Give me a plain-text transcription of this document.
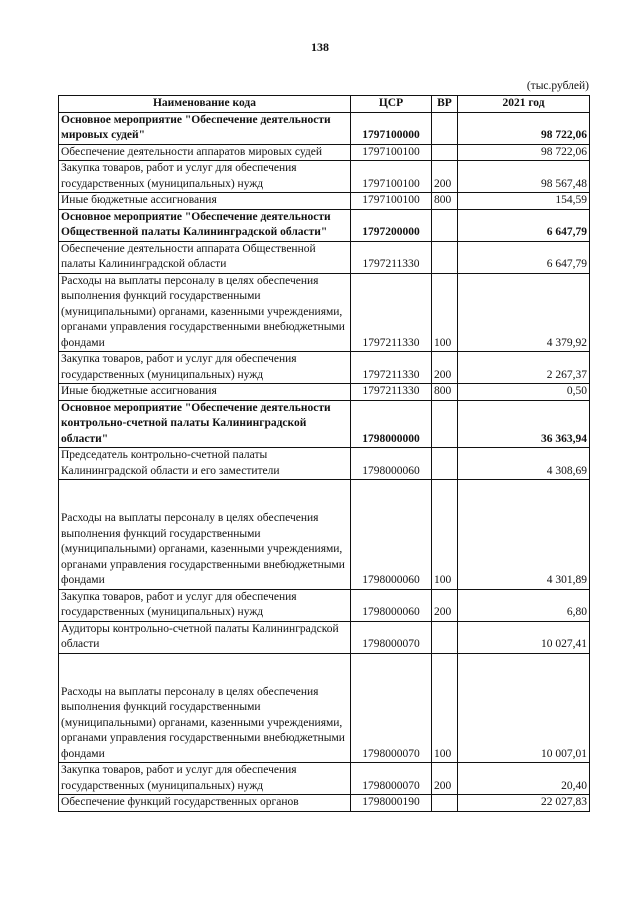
138
(тыс.рублей)
Наименование кода	ЦСР	ВР	2021 год
Основное мероприятие "Обеспечение деятельности мировых судей"	1797100000		98 722,06
Обеспечение деятельности аппаратов мировых судей	1797100100		98 722,06
Закупка товаров, работ и услуг для обеспечения государственных (муниципальных) нужд	1797100100	200	98 567,48
Иные бюджетные ассигнования	1797100100	800	154,59
Основное мероприятие "Обеспечение деятельности Общественной палаты Калининградской области"	1797200000		6 647,79
Обеспечение деятельности аппарата Общественной палаты Калининградской области	1797211330		6 647,79
Расходы на выплаты персоналу в целях обеспечения выполнения функций государственными (муниципальными) органами, казенными учреждениями, органами управления государственными внебюджетными фондами	1797211330	100	4 379,92
Закупка товаров, работ и услуг для обеспечения государственных (муниципальных) нужд	1797211330	200	2 267,37
Иные бюджетные ассигнования	1797211330	800	0,50
Основное мероприятие "Обеспечение деятельности контрольно-счетной палаты Калининградской области"	1798000000		36 363,94
Председатель контрольно-счетной палаты Калининградской области и его заместители	1798000060		4 308,69
Расходы на выплаты персоналу в целях обеспечения выполнения функций государственными (муниципальными) органами, казенными учреждениями, органами управления государственными внебюджетными фондами	1798000060	100	4 301,89
Закупка товаров, работ и услуг для обеспечения государственных (муниципальных) нужд	1798000060	200	6,80
Аудиторы контрольно-счетной палаты Калининградской области	1798000070		10 027,41
Расходы на выплаты персоналу в целях обеспечения выполнения функций государственными (муниципальными) органами, казенными учреждениями, органами управления государственными внебюджетными фондами	1798000070	100	10 007,01
Закупка товаров, работ и услуг для обеспечения государственных (муниципальных) нужд	1798000070	200	20,40
Обеспечение функций государственных органов	1798000190		22 027,83
